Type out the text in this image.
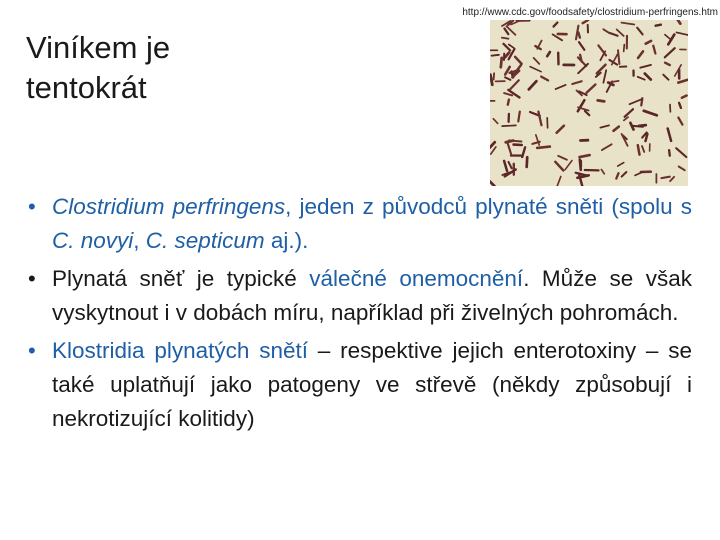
http://www.cdc.gov/foodsafety/clostridium-perfringens.htm
Viníkem je
tentokrát
• Clostridium perfringens, jeden z původců plynaté sněti (spolu s C. novyi, C. septicum aj.).
• Plynatá sněť je typické válečné onemocnění. Může se však vyskytnout i v dobách míru, například při živelných pohromách.
• Klostridia plynatých snětí – respektive jejich enterotoxiny – se také uplatňují jako patogeny ve střevě (někdy způsobují i nekrotizující kolitidy)
